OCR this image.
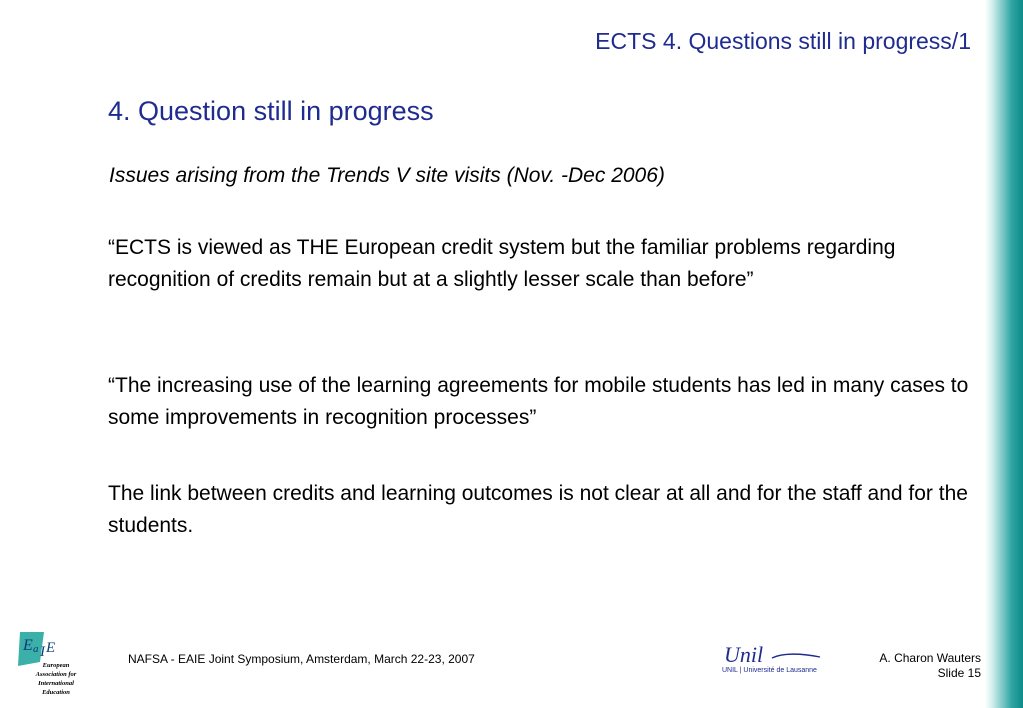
ECTS 4. Questions still in progress/1
4. Question still in progress
Issues arising from the Trends V site visits (Nov. -Dec 2006)
“ECTS is viewed as THE European credit system but the familiar problems regarding recognition of credits remain but at a slightly lesser scale than before”
“The increasing use of the learning agreements for mobile students has led in many cases to some improvements in recognition processes”
The link between credits and learning outcomes is not clear at all and for the staff and for the students.
E a I E
European
Association for
International
Education
NAFSA - EAIE Joint Symposium, Amsterdam, March 22-23, 2007	Unil
UNIL | Université de Lausanne
A. Charon Wauters
Slide 15
